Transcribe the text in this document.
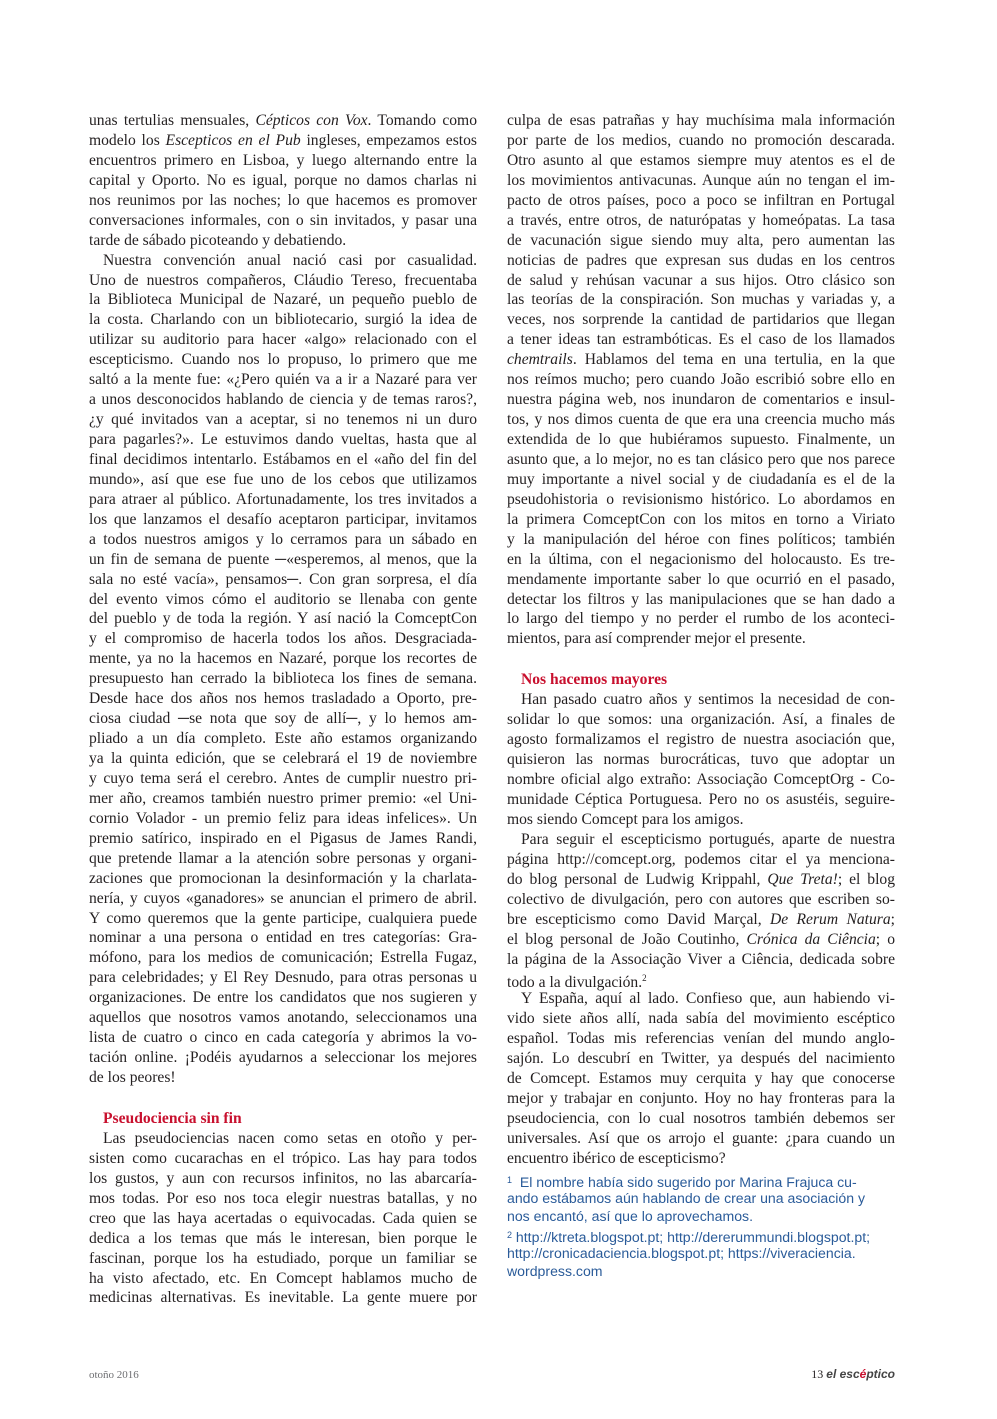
unas tertulias mensuales, Cépticos con Vox. Tomando como
modelo los Escepticos en el Pub ingleses, empezamos estos
encuentros primero en Lisboa, y luego alternando entre la
capital y Oporto. No es igual, porque no damos charlas ni
nos reunimos por las noches; lo que hacemos es promover
conversaciones informales, con o sin invitados, y pasar una
tarde de sábado picoteando y debatiendo.
Nuestra convención anual nació casi por casualidad.
Uno de nuestros compañeros, Cláudio Tereso, frecuentaba
la Biblioteca Municipal de Nazaré, un pequeño pueblo de
la costa. Charlando con un bibliotecario, surgió la idea de
utilizar su auditorio para hacer «algo» relacionado con el
escepticismo. Cuando nos lo propuso, lo primero que me
saltó a la mente fue: «¿Pero quién va a ir a Nazaré para ver
a unos desconocidos hablando de ciencia y de temas raros?,
¿y qué invitados van a aceptar, si no tenemos ni un duro
para pagarles?». Le estuvimos dando vueltas, hasta que al
final decidimos intentarlo. Estábamos en el «año del fin del
mundo», así que ese fue uno de los cebos que utilizamos
para atraer al público. Afortunadamente, los tres invitados a
los que lanzamos el desafío aceptaron participar, invitamos
a todos nuestros amigos y lo cerramos para un sábado en
un fin de semana de puente ─«esperemos, al menos, que la
sala no esté vacía», pensamos─. Con gran sorpresa, el día
del evento vimos cómo el auditorio se llenaba con gente
del pueblo y de toda la región. Y así nació la ComceptCon
y el compromiso de hacerla todos los años. Desgraciada-
mente, ya no la hacemos en Nazaré, porque los recortes de
presupuesto han cerrado la biblioteca los fines de semana.
Desde hace dos años nos hemos trasladado a Oporto, pre-
ciosa ciudad ─se nota que soy de allí─, y lo hemos am-
pliado a un día completo. Este año estamos organizando
ya la quinta edición, que se celebrará el 19 de noviembre
y cuyo tema será el cerebro. Antes de cumplir nuestro pri-
mer año, creamos también nuestro primer premio: «el Uni-
cornio Volador - un premio feliz para ideas infelices». Un
premio satírico, inspirado en el Pigasus de James Randi,
que pretende llamar a la atención sobre personas y organi-
zaciones que promocionan la desinformación y la charlata-
nería, y cuyos «ganadores» se anuncian el primero de abril.
Y como queremos que la gente participe, cualquiera puede
nominar a una persona o entidad en tres categorías: Gra-
mófono, para los medios de comunicación; Estrella Fugaz,
para celebridades; y El Rey Desnudo, para otras personas u
organizaciones. De entre los candidatos que nos sugieren y
aquellos que nosotros vamos anotando, seleccionamos una
lista de cuatro o cinco en cada categoría y abrimos la vo-
tación online. ¡Podéis ayudarnos a seleccionar los mejores
de los peores!
Pseudociencia sin fin
Las pseudociencias nacen como setas en otoño y per-
sisten como cucarachas en el trópico. Las hay para todos
los gustos, y aun con recursos infinitos, no las abarcaría-
mos todas. Por eso nos toca elegir nuestras batallas, y no
creo que las haya acertadas o equivocadas. Cada quien se
dedica a los temas que más le interesan, bien porque le
fascinan, porque los ha estudiado, porque un familiar se
ha visto afectado, etc. En Comcept hablamos mucho de
medicinas alternativas. Es inevitable. La gente muere por
culpa de esas patrañas y hay muchísima mala información
por parte de los medios, cuando no promoción descarada.
Otro asunto al que estamos siempre muy atentos es el de
los movimientos antivacunas. Aunque aún no tengan el im-
pacto de otros países, poco a poco se infiltran en Portugal
a través, entre otros, de naturópatas y homeópatas. La tasa
de vacunación sigue siendo muy alta, pero aumentan las
noticias de padres que expresan sus dudas en los centros
de salud y rehúsan vacunar a sus hijos. Otro clásico son
las teorías de la conspiración. Son muchas y variadas y, a
veces, nos sorprende la cantidad de partidarios que llegan
a tener ideas tan estrambóticas. Es el caso de los llamados
chemtrails. Hablamos del tema en una tertulia, en la que
nos reímos mucho; pero cuando João escribió sobre ello en
nuestra página web, nos inundaron de comentarios e insul-
tos, y nos dimos cuenta de que era una creencia mucho más
extendida de lo que hubiéramos supuesto. Finalmente, un
asunto que, a lo mejor, no es tan clásico pero que nos parece
muy importante a nivel social y de ciudadanía es el de la
pseudohistoria o revisionismo histórico. Lo abordamos en
la primera ComceptCon con los mitos en torno a Viriato
y la manipulación del héroe con fines políticos; también
en la última, con el negacionismo del holocausto. Es tre-
mendamente importante saber lo que ocurrió en el pasado,
detectar los filtros y las manipulaciones que se han dado a
lo largo del tiempo y no perder el rumbo de los aconteci-
mientos, para así comprender mejor el presente.
Nos hacemos mayores
Han pasado cuatro años y sentimos la necesidad de con-
solidar lo que somos: una organización. Así, a finales de
agosto formalizamos el registro de nuestra asociación que,
quisieron las normas burocráticas, tuvo que adoptar un
nombre oficial algo extraño: Associação ComceptOrg - Co-
munidade Céptica Portuguesa. Pero no os asustéis, seguire-
mos siendo Comcept para los amigos.
Para seguir el escepticismo portugués, aparte de nuestra
página http://comcept.org, podemos citar el ya menciona-
do blog personal de Ludwig Krippahl, Que Treta!; el blog
colectivo de divulgación, pero con autores que escriben so-
bre escepticismo como David Marçal, De Rerum Natura;
el blog personal de João Coutinho, Crónica da Ciência; o
la página de la Associação Viver a Ciência, dedicada sobre
todo a la divulgación.$^2$
Y España, aquí al lado. Confieso que, aun habiendo vi-
vido siete años allí, nada sabía del movimiento escéptico
español. Todas mis referencias venían del mundo anglo-
sajón. Lo descubrí en Twitter, ya después del nacimiento
de Comcept. Estamos muy cerquita y hay que conocerse
mejor y trabajar en conjunto. Hoy no hay fronteras para la
pseudociencia, con lo cual nosotros también debemos ser
universales. Así que os arrojo el guante: ¿para cuando un
encuentro ibérico de escepticismo?
$^1$  El nombre había sido sugerido por Marina Frajuca cu-
ando estábamos aún hablando de crear una asociación y
nos encantó, así que lo aprovechamos.
$^2$ http://ktreta.blogspot.pt; http://dererummundi.blogspot.pt;
http://cronicadaciencia.blogspot.pt; https://viveraciencia.
wordpress.com
otoño 2016	13 el escéptico
